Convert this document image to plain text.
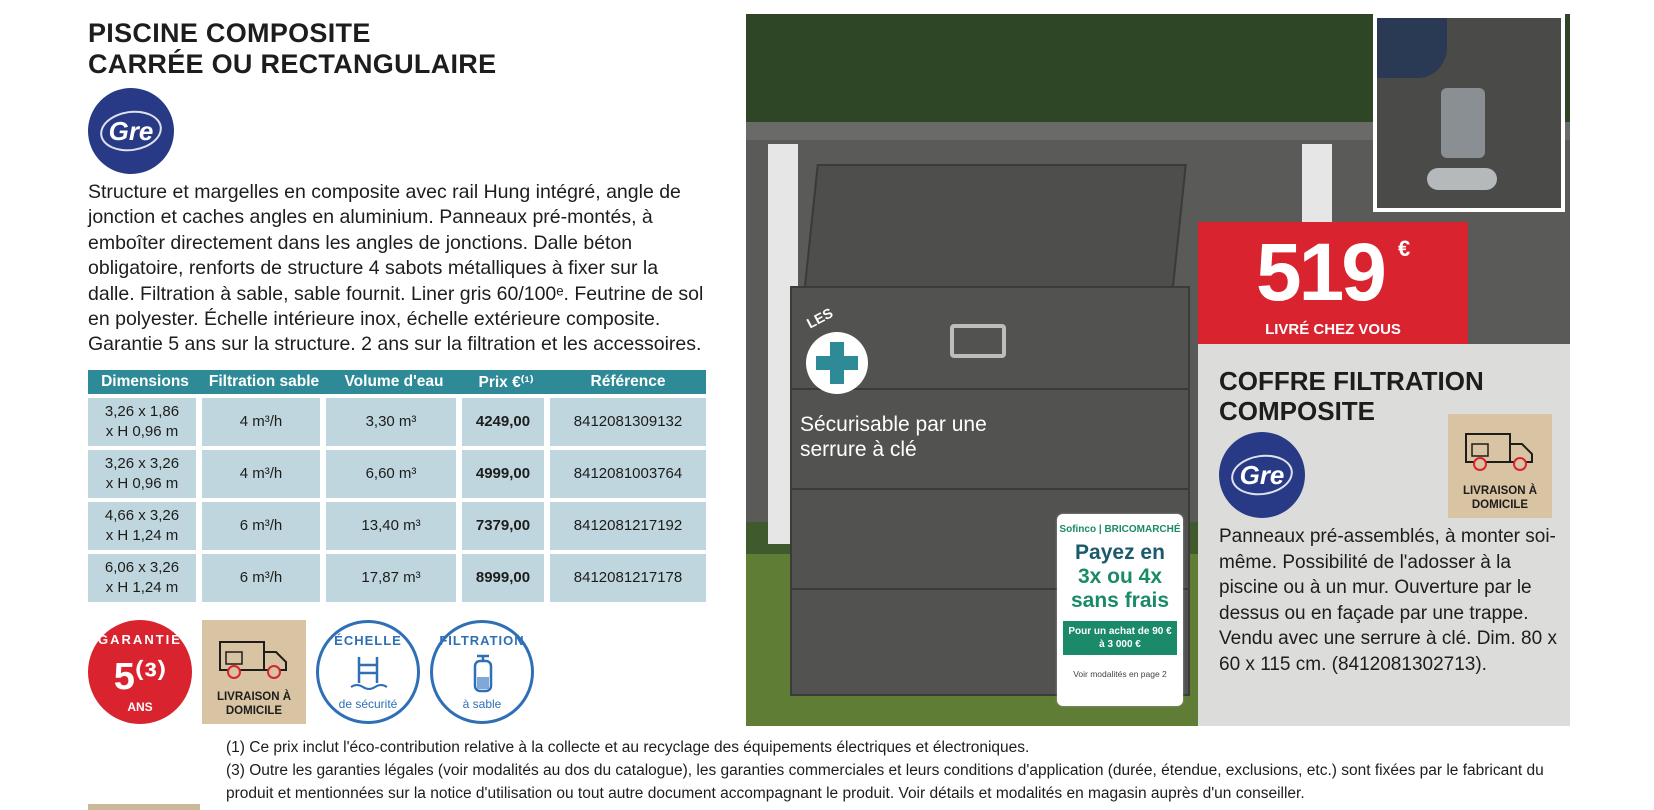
PISCINE COMPOSITE
CARRÉE OU RECTANGULAIRE
Gre
Structure et margelles en composite avec rail Hung intégré, angle de jonction et caches angles en aluminium. Panneaux pré-montés, à emboîter directement dans les angles de jonctions. Dalle béton obligatoire, renforts de structure 4 sabots métalliques à fixer sur la dalle. Filtration à sable, sable fournit. Liner gris 60/100ᵉ. Feutrine de sol en polyester. Échelle intérieure inox, échelle extérieure composite. Garantie 5 ans sur la structure. 2 ans sur la filtration et les accessoires.
Dimensions	Filtration sable	Volume d'eau	Prix €⁽¹⁾	Référence

3,26 x 1,86
x H 0,96 m	4 m³/h	3,30 m³	4249,00	8412081309132

3,26 x 3,26
x H 0,96 m	4 m³/h	6,60 m³	4999,00	8412081003764

4,66 x 3,26
x H 1,24 m	6 m³/h	13,40 m³	7379,00	8412081217192

6,06 x 3,26
x H 1,24 m	6 m³/h	17,87 m³	8999,00	8412081217178
GARANTIE
5⁽³⁾
ANS
LIVRAISON À DOMICILE
ÉCHELLE
de sécurité
FILTRATION
à sable
LES
Sécurisable par une serrure à clé
Sofinco | BRICOMARCHÉ
Payez en
3x ou 4x
sans frais
Pour un achat de 90 € à 3 000 €
Voir modalités en page 2
519 €
LIVRÉ CHEZ VOUS
COFFRE FILTRATION
COMPOSITE
Gre
LIVRAISON À DOMICILE
Panneaux pré-assemblés, à monter soi-même. Possibilité de l'adosser à la piscine ou à un mur. Ouverture par le dessus ou en façade par une trappe. Vendu avec une serrure à clé. Dim. 80 x 60 x 115 cm. (8412081302713).
(1) Ce prix inclut l'éco-contribution relative à la collecte et au recyclage des équipements électriques et électroniques.
(3) Outre les garanties légales (voir modalités au dos du catalogue), les garanties commerciales et leurs conditions d'application (durée, étendue, exclusions, etc.) sont fixées par le fabricant du produit et mentionnées sur la notice d'utilisation ou tout autre document accompagnant le produit. Voir détails et modalités en magasin auprès d'un conseiller.
